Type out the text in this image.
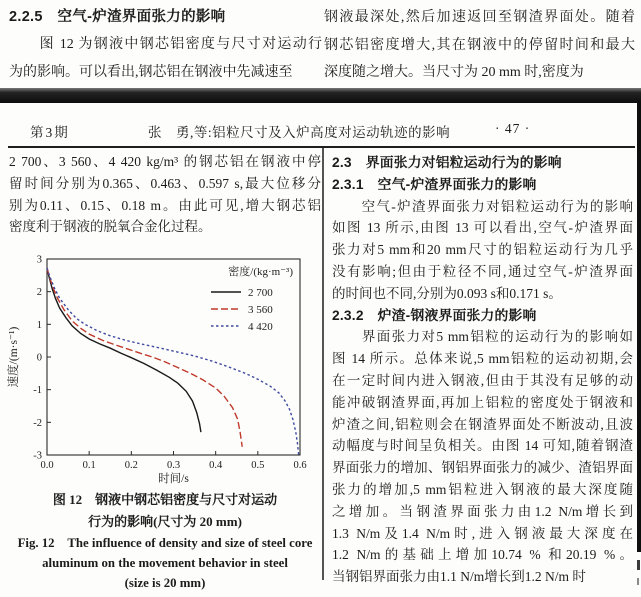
2.2.5　空气-炉渣界面张力的影响
　　图 12 为钢液中钢芯铝密度与尺寸对运动行
为的影响。可以看出,钢芯铝在钢液中先减速至
钢液最深处,然后加速返回至钢渣界面处。随着
钢芯铝密度增大,其在钢液中的停留时间和最大
深度随之增大。当尺寸为 20 mm 时,密度为
第3期	张　勇,等:铝粒尺寸及入炉高度对运动轨迹的影响	· 47 ·
2 700、3 560、4 420 kg/m³ 的钢芯铝在钢液中停
留时间分别为0.365、0.463、0.597 s,最大位移分
别为0.11、0.15、0.18 m。由此可见,增大钢芯铝
密度利于钢液的脱氧合金化过程。
-3
-2
-1
0
1
2
3
0.0	0.1	0.2	0.3	0.4	0.5	0.6
时间/s
速度/(m·s⁻¹)
密度/(kg·m⁻³)
2 700
3 560
4 420
图 12　钢液中钢芯铝密度与尺寸对运动
行为的影响(尺寸为 20 mm)
Fig. 12　The influence of density and size of steel core
aluminum on the movement behavior in steel
(size is 20 mm)
2.3　界面张力对铝粒运动行为的影响
2.3.1　空气-炉渣界面张力的影响
　　空气-炉渣界面张力对铝粒运动行为的影响
如图 13 所示,由图 13 可以看出,空气-炉渣界面
张力对5 mm和20 mm尺寸的铝粒运动行为几乎
没有影响;但由于粒径不同,通过空气-炉渣界面
的时间也不同,分别为0.093 s和0.171 s。
2.3.2　炉渣-钢液界面张力的影响
　　界面张力对5 mm铝粒的运动行为的影响如
图 14 所示。总体来说,5 mm铝粒的运动初期,会
在一定时间内进入钢液,但由于其没有足够的动
能冲破钢渣界面,再加上铝粒的密度处于钢液和
炉渣之间,铝粒则会在钢渣界面处不断波动,且波
动幅度与时间呈负相关。由图 14 可知,随着钢渣
界面张力的增加、钢铝界面张力的减少、渣铝界面
张力的增加,5 mm铝粒进入钢液的最大深度随
之增加。当钢渣界面张力由1.2 N/m增长到
1.3 N/m及1.4 N/m时,进入钢液最大深度在
1.2 N/m的基础上增加10.74 % 和20.19 %。
当钢铝界面张力由1.1 N/m增长到1.2 N/m 时
